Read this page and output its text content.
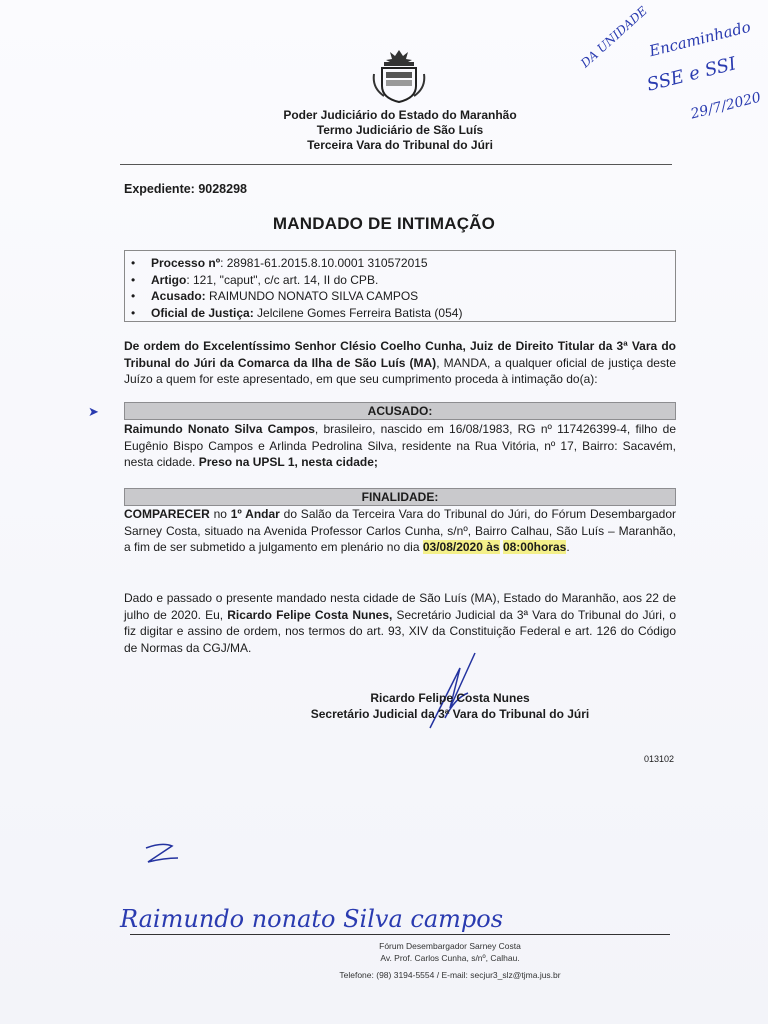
DA UNIDADE
Encaminhado
SSE e SSI
29/7/2020
Poder Judiciário do Estado do Maranhão
Termo Judiciário de São Luís
Terceira Vara do Tribunal do Júri
Expediente: 9028298
MANDADO DE INTIMAÇÃO
• Processo nº: 28981-61.2015.8.10.0001 310572015
• Artigo: 121, "caput", c/c art. 14, II do CPB.
• Acusado: RAIMUNDO NONATO SILVA CAMPOS
• Oficial de Justiça: Jelcilene Gomes Ferreira Batista (054)
De ordem do Excelentíssimo Senhor Clésio Coelho Cunha, Juiz de Direito Titular da 3ª Vara do Tribunal do Júri da Comarca da Ilha de São Luís (MA), MANDA, a qualquer oficial de justiça deste Juízo a quem for este apresentado, em que seu cumprimento proceda à intimação do(a):
➤	ACUSADO:
Raimundo Nonato Silva Campos, brasileiro, nascido em 16/08/1983, RG nº 117426399-4, filho de Eugênio Bispo Campos e Arlinda Pedrolina Silva, residente na Rua Vitória, nº 17, Bairro: Sacavém, nesta cidade. Preso na UPSL 1, nesta cidade;
FINALIDADE:
COMPARECER no 1º Andar do Salão da Terceira Vara do Tribunal do Júri, do Fórum Desembargador Sarney Costa, situado na Avenida Professor Carlos Cunha, s/nº, Bairro Calhau, São Luís – Maranhão, a fim de ser submetido a julgamento em plenário no dia 03/08/2020 às 08:00horas.
Dado e passado o presente mandado nesta cidade de São Luís (MA), Estado do Maranhão, aos 22 de julho de 2020. Eu, Ricardo Felipe Costa Nunes, Secretário Judicial da 3ª Vara do Tribunal do Júri, o fiz digitar e assino de ordem, nos termos do art. 93, XIV da Constituição Federal e art. 126 do Código de Normas da CGJ/MA.
Ricardo Felipe Costa Nunes
Secretário Judicial da 3ª Vara do Tribunal do Júri
013102
Raimundo nonato Silva campos
Fórum Desembargador Sarney Costa
Av. Prof. Carlos Cunha, s/nº, Calhau.
Telefone: (98) 3194-5554 / E-mail: secjur3_slz@tjma.jus.br
